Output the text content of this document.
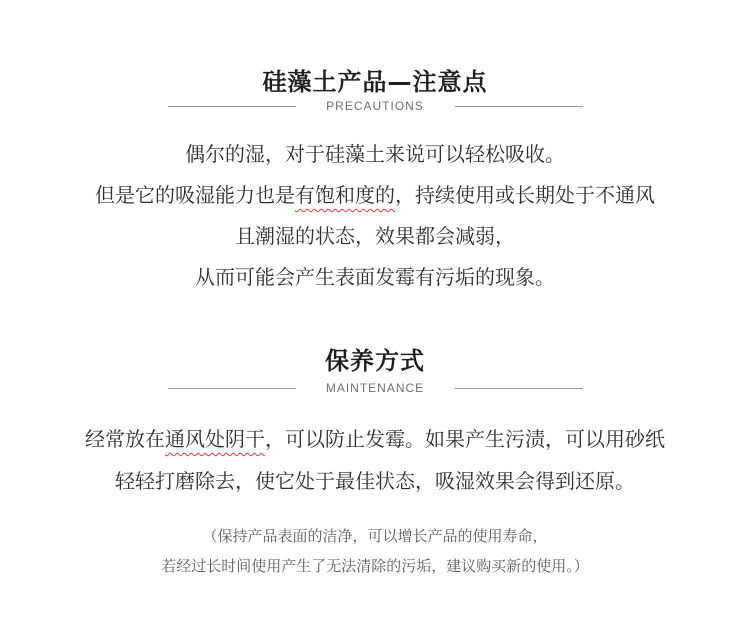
硅藻土产品—注意点
PRECAUTIONS
偶尔的湿，对于硅藻土来说可以轻松吸收。
但是它的吸湿能力也是有饱和度的，持续使用或长期处于不通风
且潮湿的状态，效果都会减弱，
从而可能会产生表面发霉有污垢的现象。
保养方式
MAINTENANCE
经常放在通风处阴干，可以防止发霉。如果产生污渍，可以用砂纸
轻轻打磨除去，使它处于最佳状态，吸湿效果会得到还原。
（保持产品表面的洁净，可以增长产品的使用寿命，
若经过长时间使用产生了无法清除的污垢，建议购买新的使用。）
